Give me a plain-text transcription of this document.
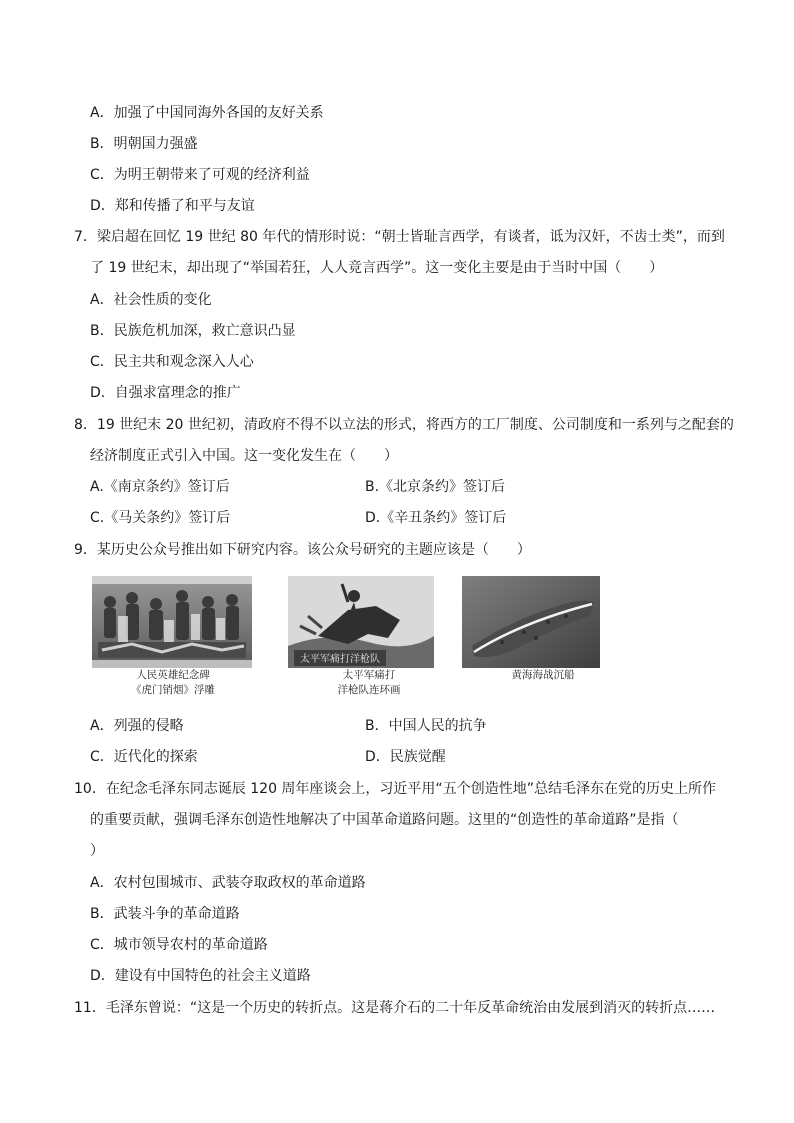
A．加强了中国同海外各国的友好关系
B．明朝国力强盛
C．为明王朝带来了可观的经济利益
D．郑和传播了和平与友谊
7．梁启超在回忆 19 世纪 80 年代的情形时说：“朝士皆耻言西学，有谈者，诋为汉奸，不齿士类”，而到
了 19 世纪末，却出现了“举国若狂，人人竞言西学”。这一变化主要是由于当时中国（　　）
A．社会性质的变化
B．民族危机加深，救亡意识凸显
C．民主共和观念深入人心
D．自强求富理念的推广
8．19 世纪末 20 世纪初，清政府不得不以立法的形式，将西方的工厂制度、公司制度和一系列与之配套的
经济制度正式引入中国。这一变化发生在（　　）
A.《南京条约》签订后	B.《北京条约》签订后
C.《马关条约》签订后	D.《辛丑条约》签订后
9．某历史公众号推出如下研究内容。该公众号研究的主题应该是（　　）
人民英雄纪念碑
《虎门销烟》浮雕
太平军痛打洋枪队
太平军痛打
洋枪队连环画
黄海海战沉船
A．列强的侵略	B．中国人民的抗争
C．近代化的探索	D．民族觉醒
10．在纪念毛泽东同志诞辰 120 周年座谈会上，习近平用“五个创造性地”总结毛泽东在党的历史上所作
的重要贡献，强调毛泽东创造性地解决了中国革命道路问题。这里的“创造性的革命道路”是指（
）
A．农村包围城市、武装夺取政权的革命道路
B．武装斗争的革命道路
C．城市领导农村的革命道路
D．建设有中国特色的社会主义道路
11．毛泽东曾说：“这是一个历史的转折点。这是蒋介石的二十年反革命统治由发展到消灭的转折点……
